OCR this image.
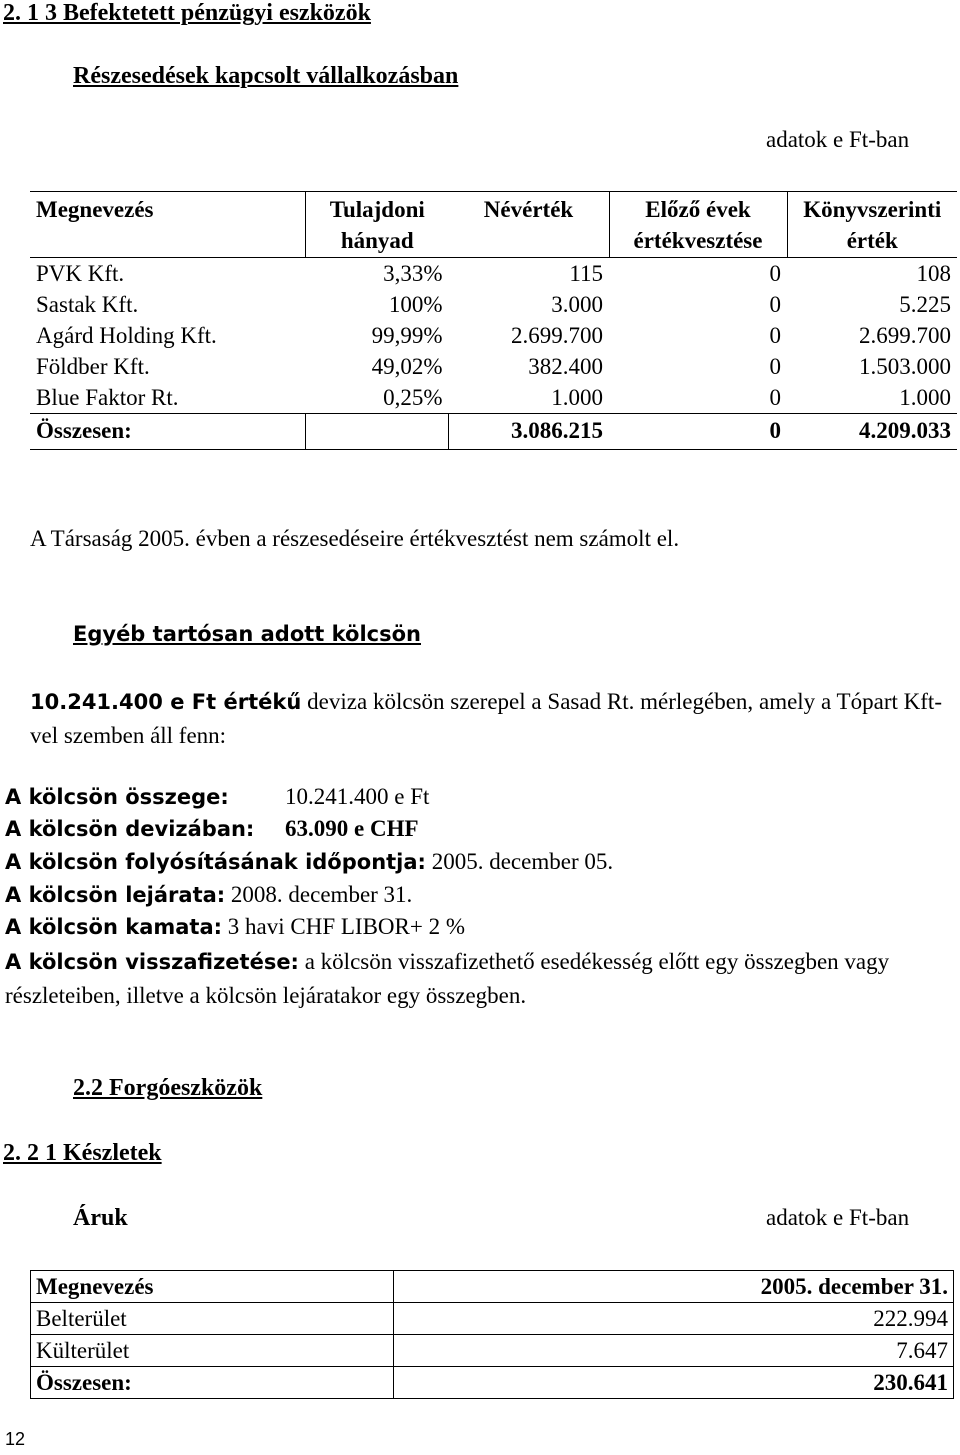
2. 1 3 Befektetett pénzügyi eszközök
Részesedések kapcsolt vállalkozásban
adatok e Ft-ban
Megnevezés	Tulajdoni hányad	Névérték	Előző évek értékvesztése	Könyvszerinti érték
PVK Kft.	3,33%	115	0	108
Sastak Kft.	100%	3.000	0	5.225
Agárd Holding Kft.	99,99%	2.699.700	0	2.699.700
Földber Kft.	49,02%	382.400	0	1.503.000
Blue Faktor Rt.	0,25%	1.000	0	1.000
Összesen:		3.086.215	0	4.209.033
A Társaság 2005. évben a részesedéseire értékvesztést nem számolt el.
Egyéb tartósan adott kölcsön
10.241.400 e Ft értékű deviza kölcsön szerepel a Sasad Rt. mérlegében, amely a Tópart Kft-vel szemben áll fenn:
A kölcsön összege: 10.241.400 e Ft
A kölcsön devizában: 63.090 e CHF
A kölcsön folyósításának időpontja: 2005. december 05.
A kölcsön lejárata: 2008. december 31.
A kölcsön kamata: 3 havi CHF LIBOR+ 2 %
A kölcsön visszafizetése: a kölcsön visszafizethető esedékesség előtt egy összegben vagy részleteiben, illetve a kölcsön lejáratakor egy összegben.
2.2 Forgóeszközök
2. 2 1 Készletek
Áruk	adatok e Ft-ban
Megnevezés	2005. december 31.
Belterület	222.994
Külterület	7.647
Összesen:	230.641
12
